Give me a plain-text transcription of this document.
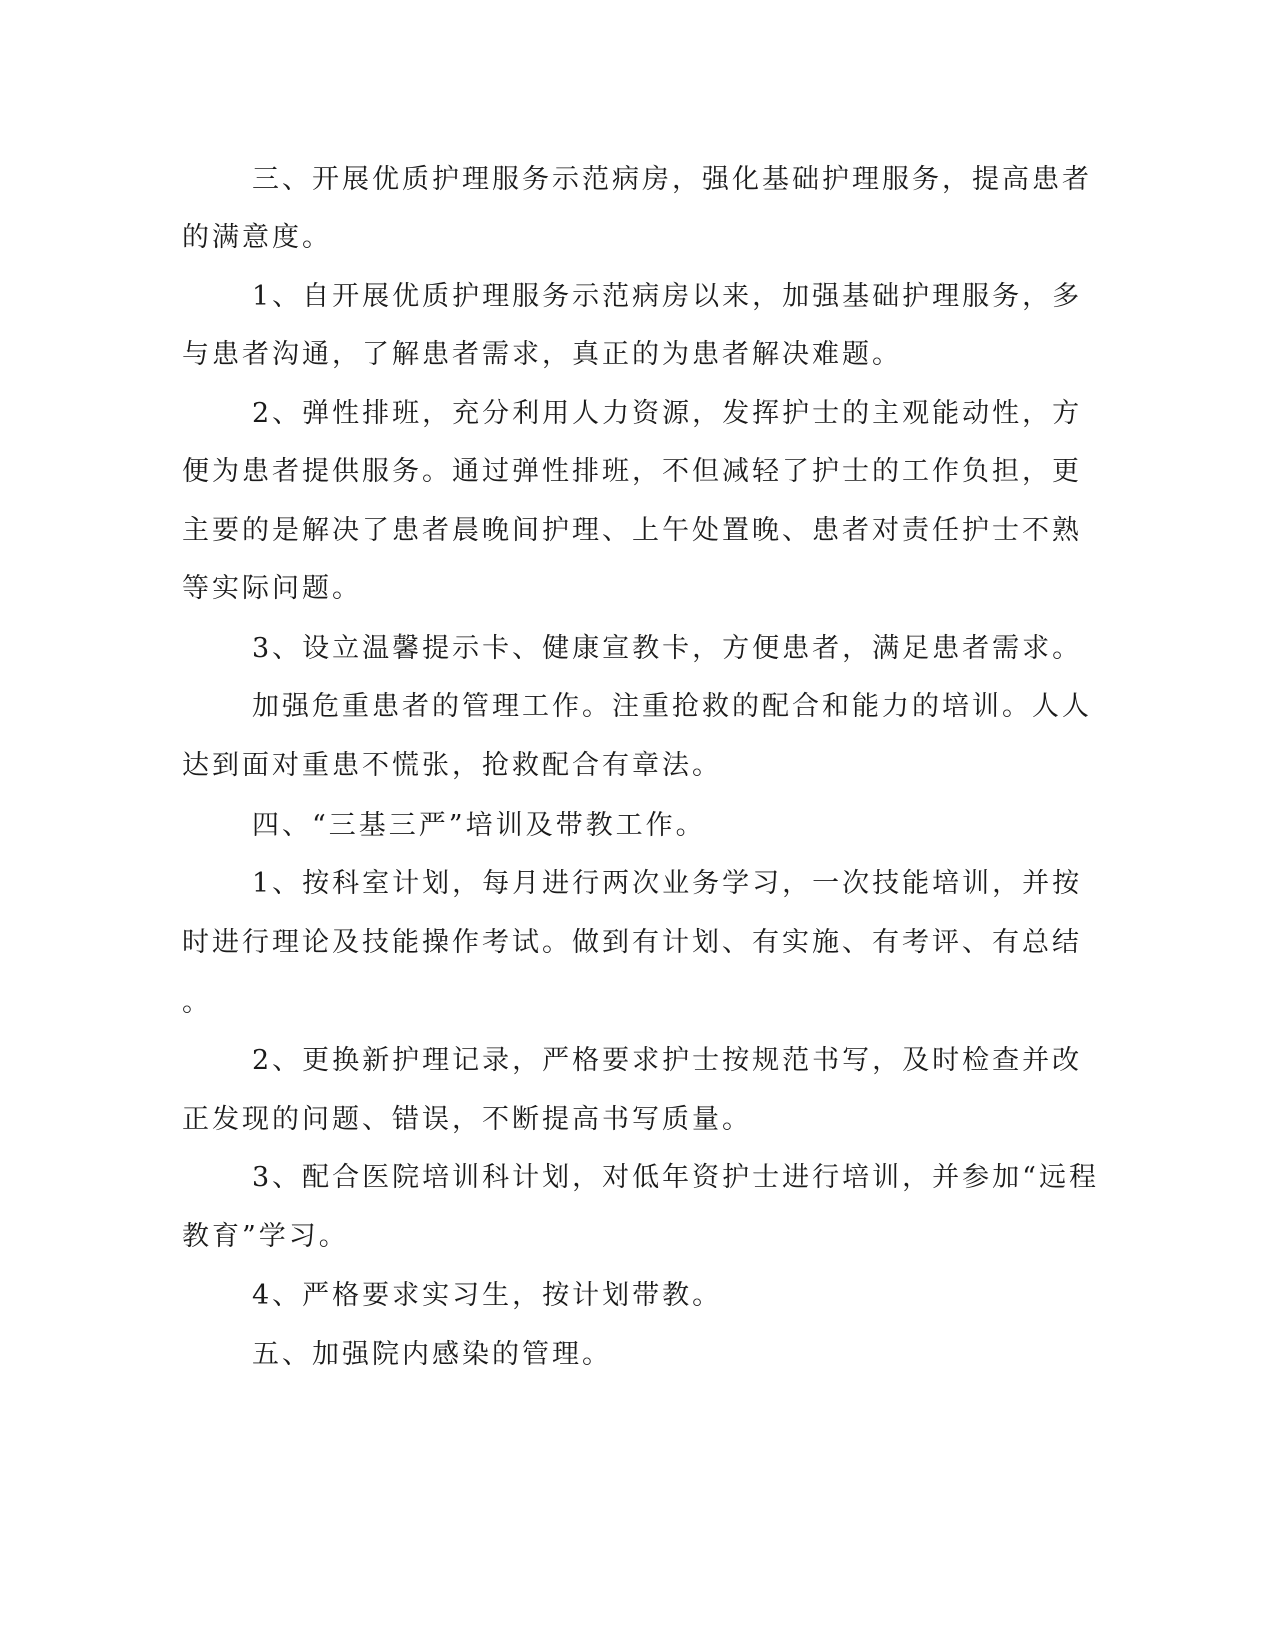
三、开展优质护理服务示范病房，强化基础护理服务，提高患者
的满意度。
1、自开展优质护理服务示范病房以来，加强基础护理服务，多
与患者沟通，了解患者需求，真正的为患者解决难题。
2、弹性排班，充分利用人力资源，发挥护士的主观能动性，方
便为患者提供服务。通过弹性排班，不但减轻了护士的工作负担，更
主要的是解决了患者晨晚间护理、上午处置晚、患者对责任护士不熟
等实际问题。
3、设立温馨提示卡、健康宣教卡，方便患者，满足患者需求。
加强危重患者的管理工作。注重抢救的配合和能力的培训。人人
达到面对重患不慌张，抢救配合有章法。
四、“三基三严”培训及带教工作。
1、按科室计划，每月进行两次业务学习，一次技能培训，并按
时进行理论及技能操作考试。做到有计划、有实施、有考评、有总结
。
2、更换新护理记录，严格要求护士按规范书写，及时检查并改
正发现的问题、错误，不断提高书写质量。
3、配合医院培训科计划，对低年资护士进行培训，并参加“远程
教育”学习。
4、严格要求实习生，按计划带教。
五、加强院内感染的管理。
